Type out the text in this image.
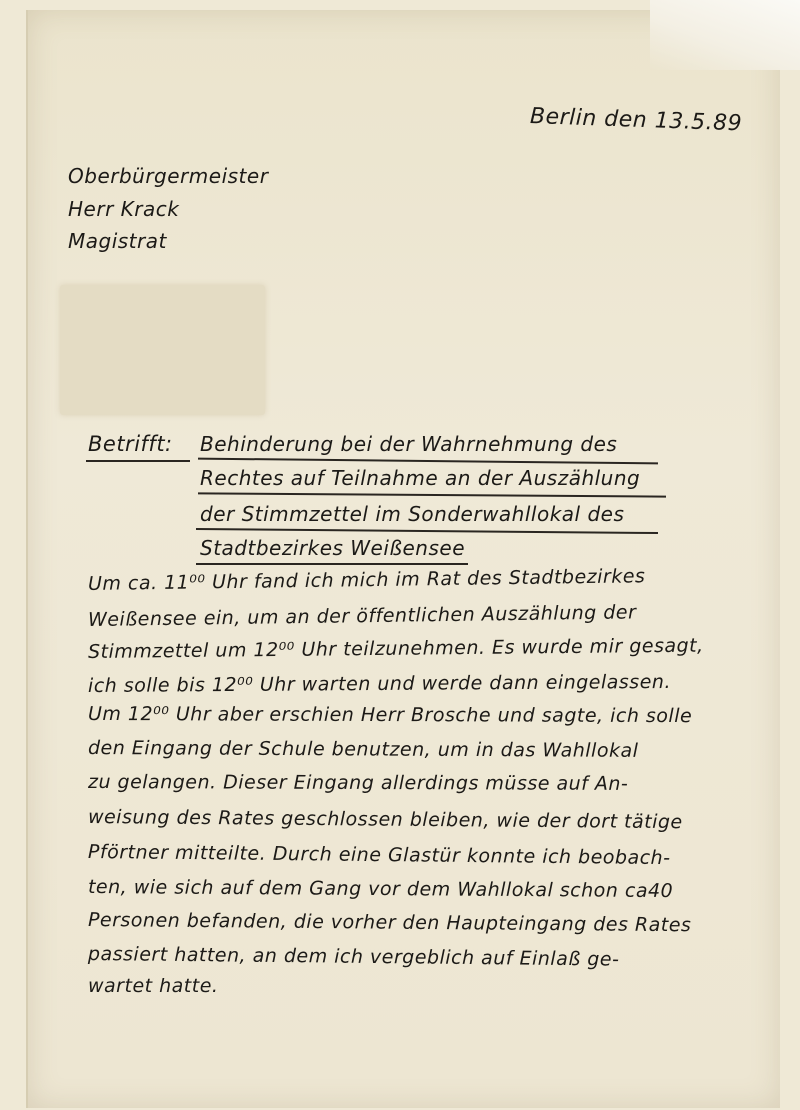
Berlin den 13.5.89
Oberbürgermeister
Herr Krack
Magistrat
Betrifft: Behinderung bei der Wahrnehmung des
Rechtes auf Teilnahme an der Auszählung
der Stimmzettel im Sonderwahllokal des
Stadtbezirkes Weißensee
Um ca. 11⁰⁰ Uhr fand ich mich im Rat des Stadtbezirkes
Weißensee ein, um an der öffentlichen Auszählung der
Stimmzettel um 12⁰⁰ Uhr teilzunehmen. Es wurde mir gesagt,
ich solle bis 12⁰⁰ Uhr warten und werde dann eingelassen.
Um 12⁰⁰ Uhr aber erschien Herr Brosche und sagte, ich solle
den Eingang der Schule benutzen, um in das Wahllokal
zu gelangen. Dieser Eingang allerdings müsse auf An-
weisung des Rates geschlossen bleiben, wie der dort tätige
Pförtner mitteilte. Durch eine Glastür konnte ich beobach-
ten, wie sich auf dem Gang vor dem Wahllokal schon ca40
Personen befanden, die vorher den Haupteingang des Rates
passiert hatten, an dem ich vergeblich auf Einlaß ge-
wartet hatte.
